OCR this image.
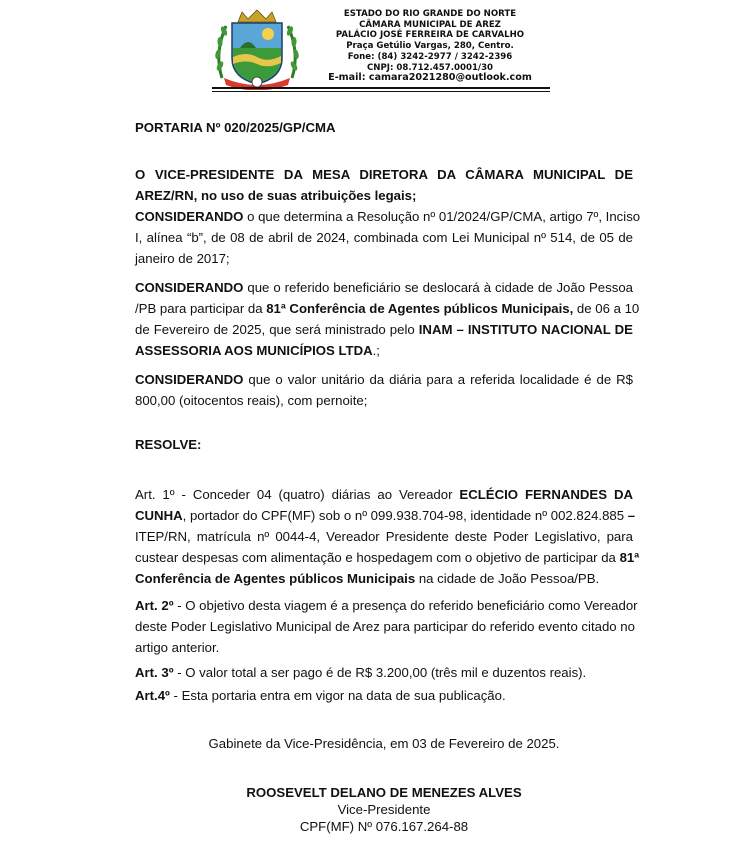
ESTADO DO RIO GRANDE DO NORTE
CÂMARA MUNICIPAL DE AREZ
PALÁCIO JOSÉ FERREIRA DE CARVALHO
Praça Getúlio Vargas, 280, Centro.
Fone: (84) 3242-2977 / 3242-2396
CNPJ: 08.712.457.0001/30
E-mail: camara2021280@outlook.com
PORTARIA Nº 020/2025/GP/CMA
O VICE-PRESIDENTE DA MESA DIRETORA DA CÂMARA MUNICIPAL DE
AREZ/RN, no uso de suas atribuições legais;
CONSIDERANDO o que determina a Resolução nº 01/2024/GP/CMA, artigo 7º, Inciso
I, alínea “b”, de 08 de abril de 2024, combinada com Lei Municipal nº 514, de 05 de
janeiro de 2017;
CONSIDERANDO que o referido beneficiário se deslocará à cidade de João Pessoa
/PB para participar da 81ª Conferência de Agentes públicos Municipais, de 06 a 10
de Fevereiro de 2025, que será ministrado pelo INAM – INSTITUTO NACIONAL DE
ASSESSORIA AOS MUNICÍPIOS LTDA.;
CONSIDERANDO que o valor unitário da diária para a referida localidade é de R$
800,00 (oitocentos reais), com pernoite;
RESOLVE:
Art. 1º - Conceder 04 (quatro) diárias ao Vereador ECLÉCIO FERNANDES DA
CUNHA, portador do CPF(MF) sob o nº 099.938.704-98, identidade nº 002.824.885 –
ITEP/RN, matrícula nº 0044-4, Vereador Presidente deste Poder Legislativo, para
custear despesas com alimentação e hospedagem com o objetivo de participar da 81ª
Conferência de Agentes públicos Municipais na cidade de João Pessoa/PB.
Art. 2º - O objetivo desta viagem é a presença do referido beneficiário como Vereador
deste Poder Legislativo Municipal de Arez para participar do referido evento citado no
artigo anterior.
Art. 3º - O valor total a ser pago é de R$ 3.200,00 (três mil e duzentos reais).
Art.4º - Esta portaria entra em vigor na data de sua publicação.
Gabinete da Vice-Presidência, em 03 de Fevereiro de 2025.
ROOSEVELT DELANO DE MENEZES ALVES
Vice-Presidente
CPF(MF) Nº 076.167.264-88
